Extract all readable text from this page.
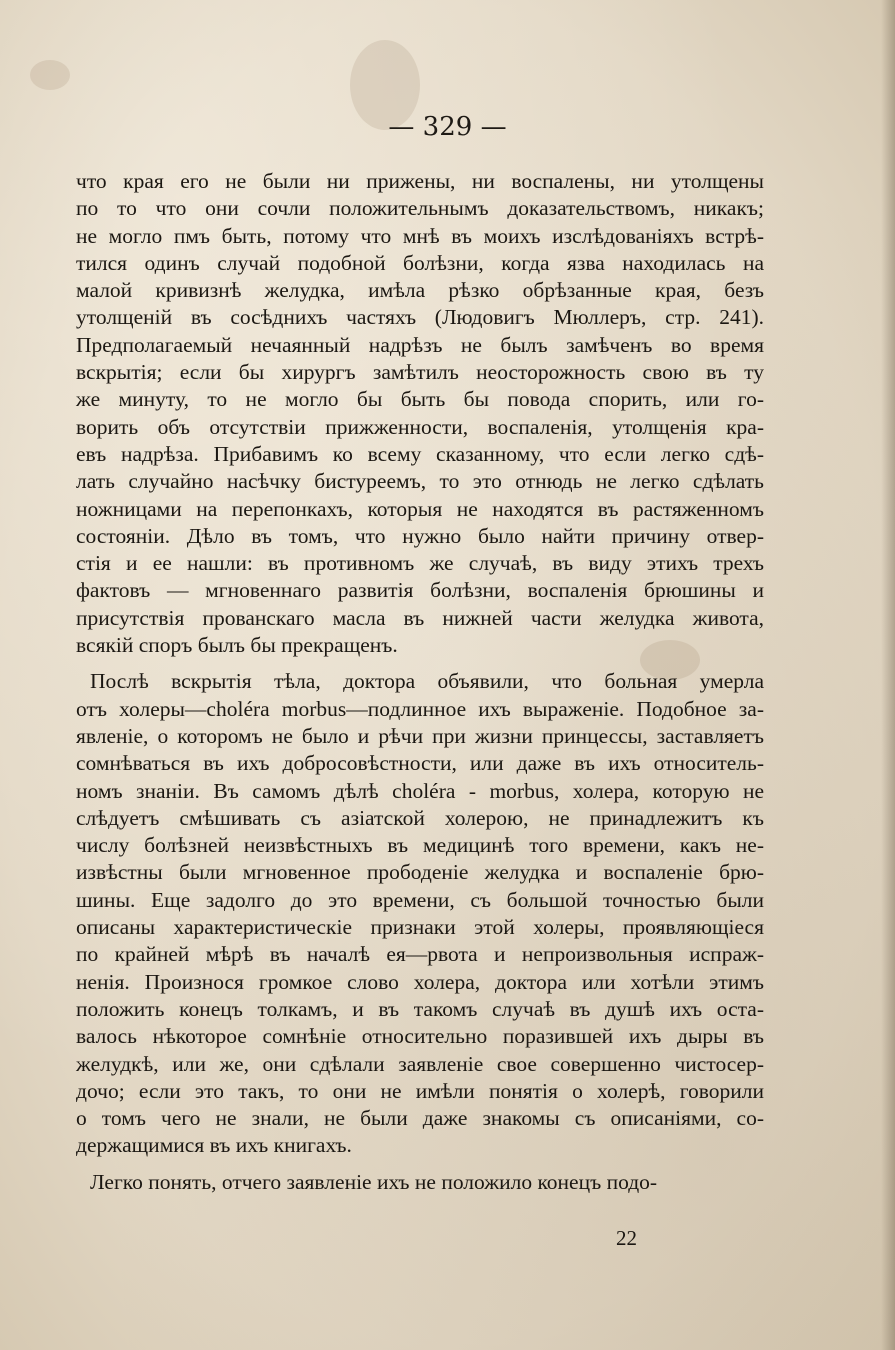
— 329 —
что края его не были ни прижены, ни воспалены, ни утолщены
по то что они сочли положительнымъ доказательствомъ, никакъ;
не могло пмъ быть, потому что мнѣ въ моихъ изслѣдованіяхъ встрѣ-
тился одинъ случай подобной болѣзни, когда язва находилась на
малой кривизнѣ желудка, имѣла рѣзко обрѣзанные края, безъ
утолщеній въ сосѣднихъ частяхъ (Людовигъ Мюллеръ, стр. 241).
Предполагаемый нечаянный надрѣзъ не былъ замѣченъ во время
вскрытія; если бы хирургъ замѣтилъ неосторожность свою въ ту
же минуту, то не могло бы быть бы повода спорить, или го-
ворить объ отсутствіи прижженности, воспаленія, утолщенія кра-
евъ надрѣза. Прибавимъ ко всему сказанному, что если легко сдѣ-
лать случайно насѣчку бистуреемъ, то это отнюдь не легко сдѣлать
ножницами на перепонкахъ, которыя не находятся въ растяженномъ
состояніи. Дѣло въ томъ, что нужно было найти причину отвер-
стія и ее нашли: въ противномъ же случаѣ, въ виду этихъ трехъ
фактовъ — мгновеннаго развитія болѣзни, воспаленія брюшины и
присутствія прованскаго масла въ нижней части желудка живота,
всякій споръ былъ бы прекращенъ.
Послѣ вскрытія тѣла, доктора объявили, что больная умерла
отъ холеры—choléra morbus—подлинное ихъ выраженіе. Подобное за-
явленіе, о которомъ не было и рѣчи при жизни принцессы, заставляетъ
сомнѣваться въ ихъ добросовѣстности, или даже въ ихъ относитель-
номъ знаніи. Въ самомъ дѣлѣ choléra - morbus, холера, которую не
слѣдуетъ смѣшивать съ азіатской холерою, не принадлежитъ къ
числу болѣзней неизвѣстныхъ въ медицинѣ того времени, какъ не-
извѣстны были мгновенное прободеніе желудка и воспаленіе брю-
шины. Еще задолго до это времени, съ большой точностью были
описаны характеристическіе признаки этой холеры, проявляющіеся
по крайней мѣрѣ въ началѣ ея—рвота и непроизвольныя испраж-
ненія. Произнося громкое слово холера, доктора или хотѣли этимъ
положить конецъ толкамъ, и въ такомъ случаѣ въ душѣ ихъ оста-
валось нѣкоторое сомнѣніе относительно поразившей ихъ дыры въ
желудкѣ, или же, они сдѣлали заявленіе свое совершенно чистосер-
дочо; если это такъ, то они не имѣли понятія о холерѣ, говорили
о томъ чего не знали, не были даже знакомы съ описаніями, со-
держащимися въ ихъ книгахъ.
Легко понять, отчего заявленіе ихъ не положило конецъ подо-
22
